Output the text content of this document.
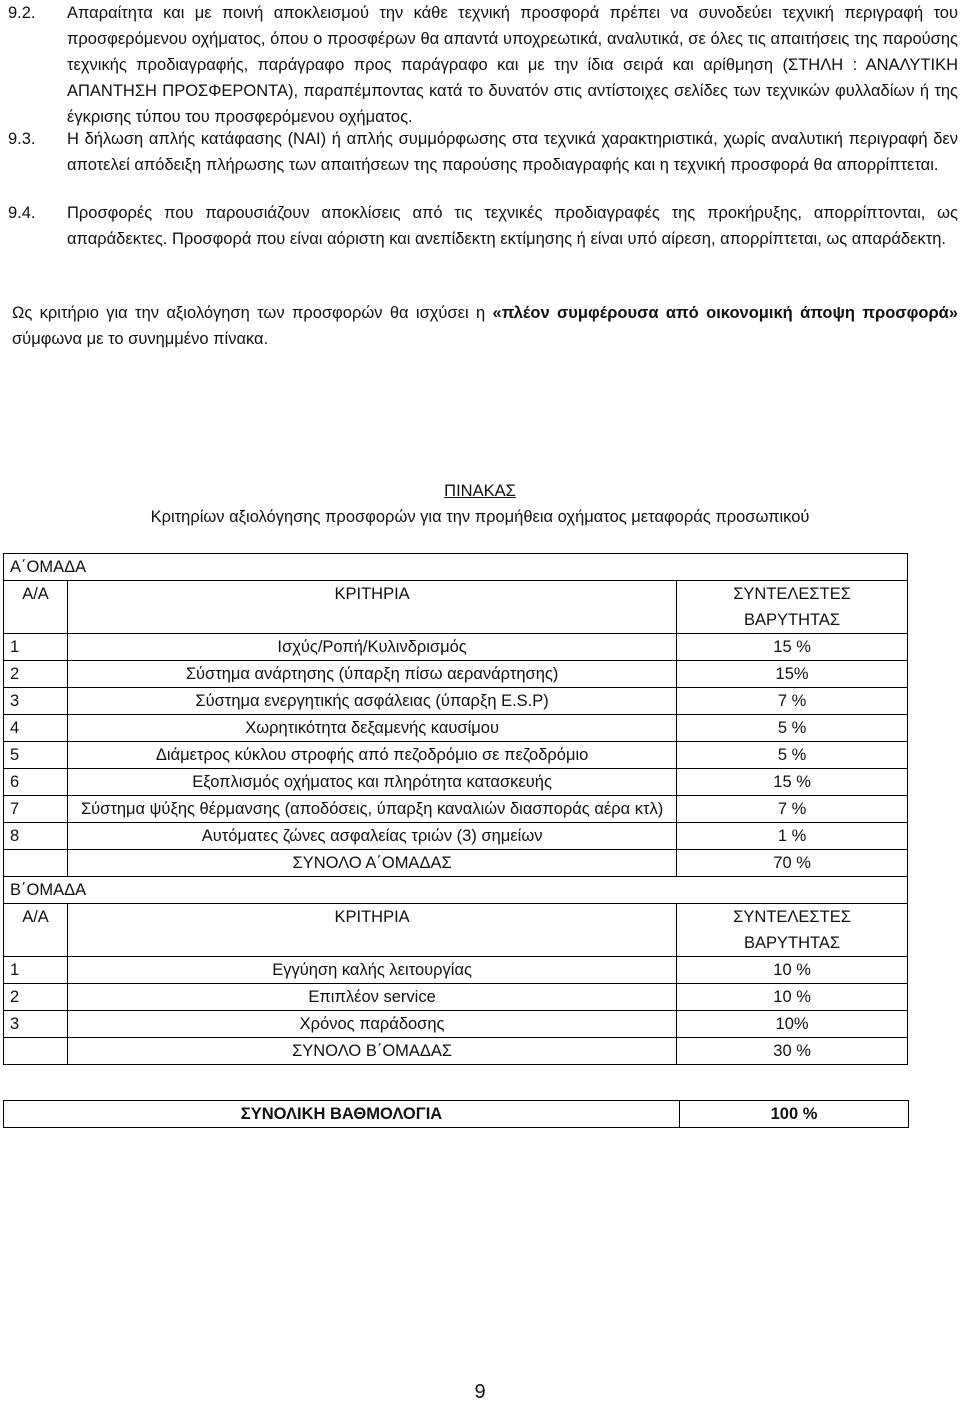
9.2.	Απαραίτητα και με ποινή αποκλεισμού την κάθε τεχνική προσφορά πρέπει να συνοδεύει τεχνική περιγραφή του προσφερόμενου οχήματος, όπου ο προσφέρων θα απαντά υποχρεωτικά, αναλυτικά, σε όλες τις απαιτήσεις της παρούσης τεχνικής προδιαγραφής, παράγραφο προς παράγραφο και με την ίδια σειρά και αρίθμηση (ΣΤΗΛΗ : ΑΝΑΛΥΤΙΚΗ ΑΠΑΝΤΗΣΗ ΠΡΟΣΦΕΡΟΝΤΑ), παραπέμποντας κατά το δυνατόν στις αντίστοιχες σελίδες των τεχνικών φυλλαδίων ή της έγκρισης τύπου του προσφερόμενου οχήματος.
9.3.	Η δήλωση απλής κατάφασης (ΝΑΙ) ή απλής συμμόρφωσης στα τεχνικά χαρακτηριστικά, χωρίς αναλυτική περιγραφή δεν αποτελεί απόδειξη πλήρωσης των απαιτήσεων της παρούσης προδιαγραφής και η τεχνική προσφορά θα απορρίπτεται.
9.4.	Προσφορές που παρουσιάζουν αποκλίσεις από τις τεχνικές προδιαγραφές της προκήρυξης, απορρίπτονται, ως απαράδεκτες. Προσφορά που είναι αόριστη και ανεπίδεκτη εκτίμησης ή είναι υπό αίρεση, απορρίπτεται, ως απαράδεκτη.
Ως κριτήριο για την αξιολόγηση των προσφορών θα ισχύσει η «πλέον συμφέρουσα από οικονομική άποψη προσφορά» σύμφωνα με το συνημμένο πίνακα.
ΠΙΝΑΚΑΣ
Κριτηρίων αξιολόγησης προσφορών για την προμήθεια οχήματος μεταφοράς προσωπικού
Α΄ΟΜΑΔΑ		
Α/Α	ΚΡΙΤΗΡΙΑ	ΣΥΝΤΕΛΕΣΤΕΣ ΒΑΡΥΤΗΤΑΣ
1	Ισχύς/Ροπή/Κυλινδρισμός	15 %
2	Σύστημα ανάρτησης (ύπαρξη πίσω αερανάρτησης)	15%
3	Σύστημα ενεργητικής ασφάλειας (ύπαρξη E.S.P)	7 %
4	Χωρητικότητα δεξαμενής καυσίμου	5 %
5	Διάμετρος κύκλου στροφής από πεζοδρόμιο σε πεζοδρόμιο	5 %
6	Εξοπλισμός οχήματος και πληρότητα κατασκευής	15 %
7	Σύστημα ψύξης θέρμανσης (αποδόσεις, ύπαρξη καναλιών διασποράς αέρα κτλ)	7 %
8	Αυτόματες ζώνες ασφαλείας τριών (3) σημείων	1 %
	ΣΥΝΟΛΟ Α΄ΟΜΑΔΑΣ	70 %
Β΄ΟΜΑΔΑ		
Α/Α	ΚΡΙΤΗΡΙΑ	ΣΥΝΤΕΛΕΣΤΕΣ ΒΑΡΥΤΗΤΑΣ
1	Εγγύηση καλής λειτουργίας	10 %
2	Επιπλέον service	10 %
3	Χρόνος παράδοσης	10%
	ΣΥΝΟΛΟ Β΄ΟΜΑΔΑΣ	30 %
ΣΥΝΟΛΙΚΗ ΒΑΘΜΟΛΟΓΙΑ	100 %
9
